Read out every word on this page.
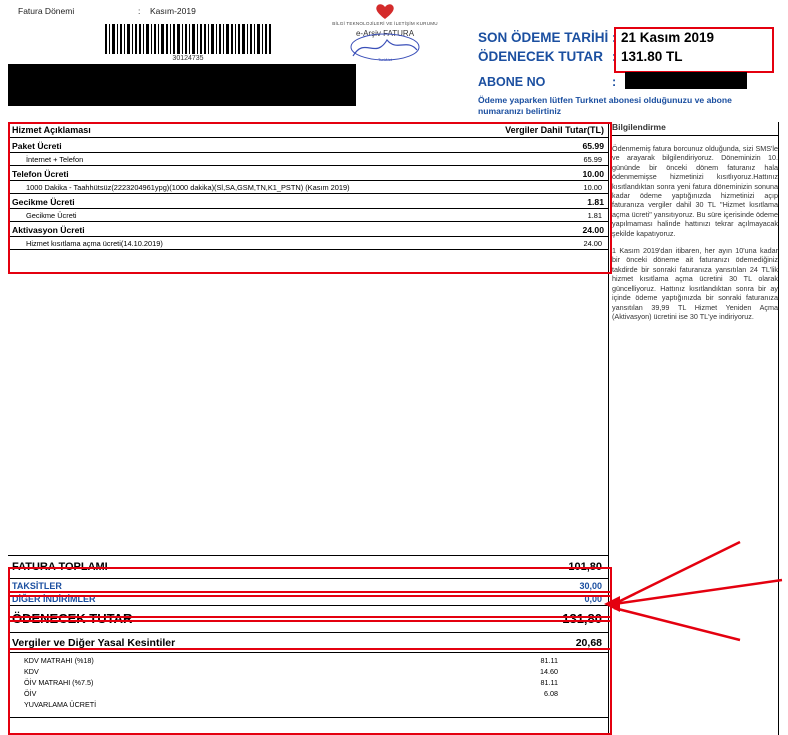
Fatura Dönemi	: Kasım-2019
30124735
BİLGİ TEKNOLOJİLERİ VE İLETİŞİM KURUMU
e-Arşiv FATURA
TurkNet
SON ÖDEME TARİHİ : 21 Kasım 2019
ÖDENECEK TUTAR : 131.80 TL
ABONE NO	:
Ödeme yaparken lütfen Turknet abonesi olduğunuzu ve abone numaranızı belirtiniz
Hizmet Açıklaması	Vergiler Dahil Tutar(TL)
Paket Ücreti	65.99
İnternet + Telefon	65.99
Telefon Ücreti	10.00
1000 Dakika - Taahhütsüz(2223204961ypg)(1000 dakika)(Sl,SA,GSM,TN,K1_PSTN) (Kasım 2019)	10.00
Gecikme Ücreti	1.81
Gecikme Ücreti	1.81
Aktivasyon Ücreti	24.00
Hizmet kısıtlama açma ücreti(14.10.2019)	24.00
FATURA TOPLAMI	101,80
TAKSİTLER	30,00
DİĞER İNDİRİMLER	0,00
ÖDENECEK TUTAR	131,80
Vergiler ve Diğer Yasal Kesintiler	20,68
KDV MATRAHI (%18)	81.11
KDV	14.60
ÖİV MATRAHI (%7.5)	81.11
ÖİV	6.08
YUVARLAMA ÜCRETİ
Bilgilendirme
Ödenmemiş fatura borcunuz olduğunda, sizi SMS'le ve arayarak bilgilendiriyoruz. Döneminizin 10. gününde bir önceki dönem faturanız hala ödenmemişse hizmetinizi kısıtlıyoruz.Hattınız kısıtlandıktan sonra yeni fatura döneminizin sonuna kadar ödeme yaptığınızda hizmetinizi açıp faturanıza vergiler dahil 30 TL "Hizmet kısıtlama açma ücreti" yansıtıyoruz. Bu süre içerisinde ödeme yapılmaması halinde hattınızı tekrar açılmayacak şekilde kapatıyoruz.
1 Kasım 2019'dan itibaren, her ayın 10'una kadar bir önceki döneme ait faturanızı ödemediğiniz takdirde bir sonraki faturanıza yansıtılan 24 TL'lik hizmet kısıtlama açma ücretini 30 TL olarak güncelliyoruz. Hattınız kısıtlandıktan sonra bir ay içinde ödeme yaptığınızda bir sonraki faturanıza yansıtılan 39,99 TL Hizmet Yeniden Açma (Aktivasyon) ücretini ise 30 TL'ye indiriyoruz.
